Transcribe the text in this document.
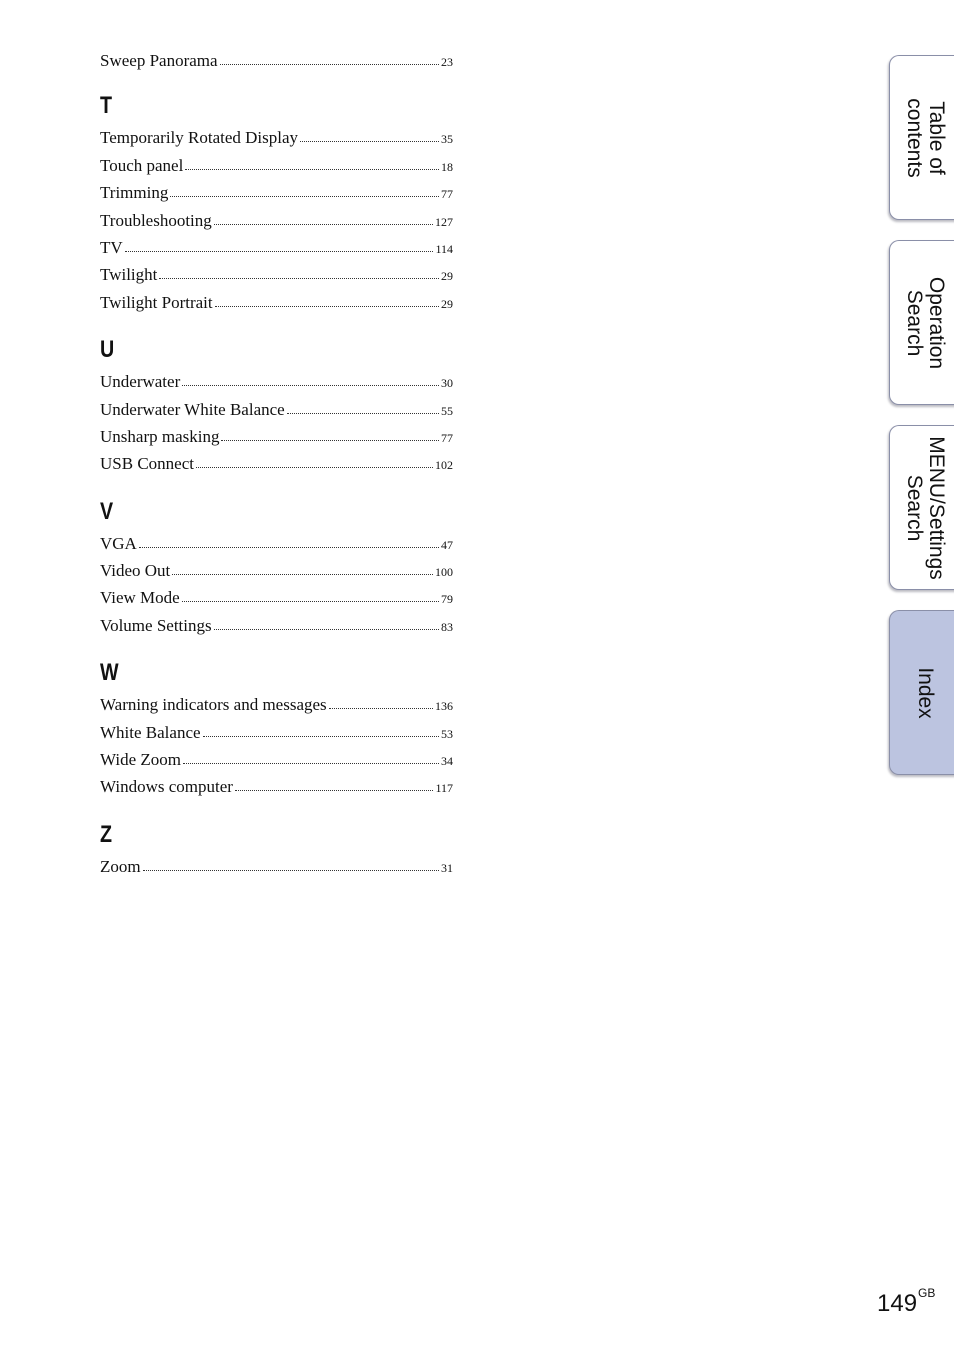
Sweep Panorama	23
T
Temporarily Rotated Display	35
Touch panel	18
Trimming	77
Troubleshooting	127
TV	114
Twilight	29
Twilight Portrait	29
U
Underwater	30
Underwater White Balance	55
Unsharp masking	77
USB Connect	102
V
VGA	47
Video Out	100
View Mode	79
Volume Settings	83
W
Warning indicators and messages	136
White Balance	53
Wide Zoom	34
Windows computer	117
Z
Zoom	31
Table of
contents
Operation
Search
MENU/Settings
Search
Index
$149^{GB}$
